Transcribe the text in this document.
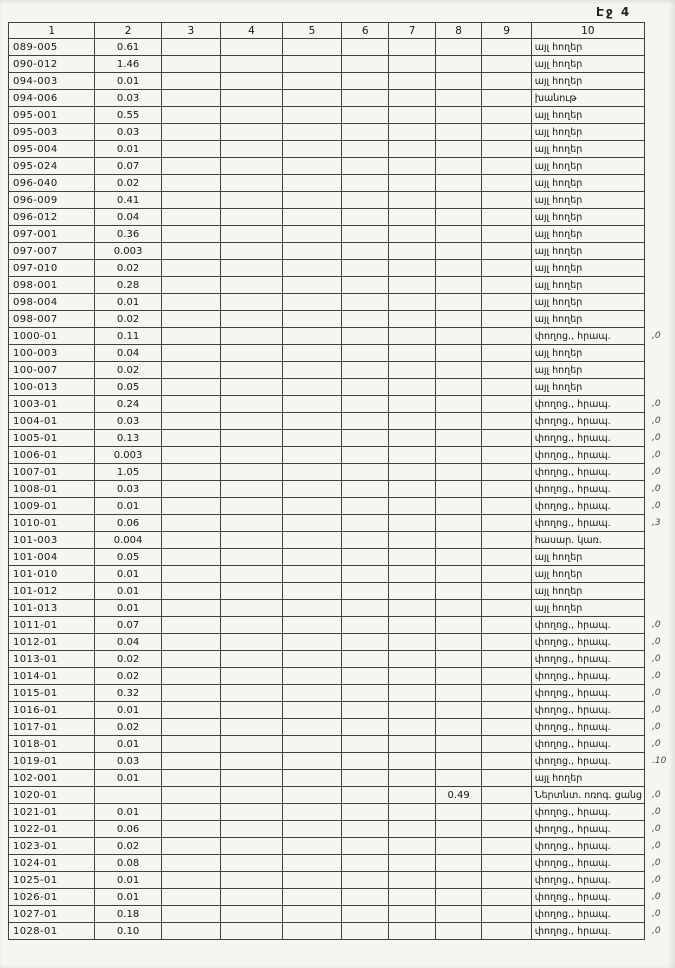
Էջ 4
1	2	3	4	5	6	7	8	9	10	
089-005	0.61								այլ հողեր	
090-012	1.46								այլ հողեր	
094-003	0.01								այլ հողեր	
094-006	0.03								խանութ	
095-001	0.55								այլ հողեր	
095-003	0.03								այլ հողեր	
095-004	0.01								այլ հողեր	
095-024	0.07								այլ հողեր	
096-040	0.02								այլ հողեր	
096-009	0.41								այլ հողեր	
096-012	0.04								այլ հողեր	
097-001	0.36								այլ հողեր	
097-007	0.003								այլ հողեր	
097-010	0.02								այլ հողեր	
098-001	0.28								այլ հողեր	
098-004	0.01								այլ հողեր	
098-007	0.02								այլ հողեր	
1000-01	0.11								փողոց., հրապ.	,0
100-003	0.04								այլ հողեր	
100-007	0.02								այլ հողեր	
100-013	0.05								այլ հողեր	
1003-01	0.24								փողոց., հրապ.	,0
1004-01	0.03								փողոց., հրապ.	,0
1005-01	0.13								փողոց., հրապ.	,0
1006-01	0.003								փողոց., հրապ.	,0
1007-01	1.05								փողոց., հրապ.	,0
1008-01	0.03								փողոց., հրապ.	,0
1009-01	0.01								փողոց., հրապ.	,0
1010-01	0.06								փողոց., հրապ.	,3
101-003	0.004								հասար. կառ.	
101-004	0.05								այլ հողեր	
101-010	0.01								այլ հողեր	
101-012	0.01								այլ հողեր	
101-013	0.01								այլ հողեր	
1011-01	0.07								փողոց., հրապ.	,0
1012-01	0.04								փողոց., հրապ.	,0
1013-01	0.02								փողոց., հրապ.	,0
1014-01	0.02								փողոց., հրապ.	,0
1015-01	0.32								փողոց., հրապ.	,0
1016-01	0.01								փողոց., հրապ.	,0
1017-01	0.02								փողոց., հրապ.	,0
1018-01	0.01								փողոց., հրապ.	,0
1019-01	0.03								փողոց., հրապ.	.10
102-001	0.01								այլ հողեր	
1020-01							0.49		Ներտնտ. ոռոգ. ցանց	,0
1021-01	0.01								փողոց., հրապ.	,0
1022-01	0.06								փողոց., հրապ.	,0
1023-01	0.02								փողոց., հրապ.	,0
1024-01	0.08								փողոց., հրապ.	,0
1025-01	0.01								փողոց., հրապ.	,0
1026-01	0.01								փողոց., հրապ.	,0
1027-01	0.18								փողոց., հրապ.	,0
1028-01	0.10								փողոց., հրապ.	,0
